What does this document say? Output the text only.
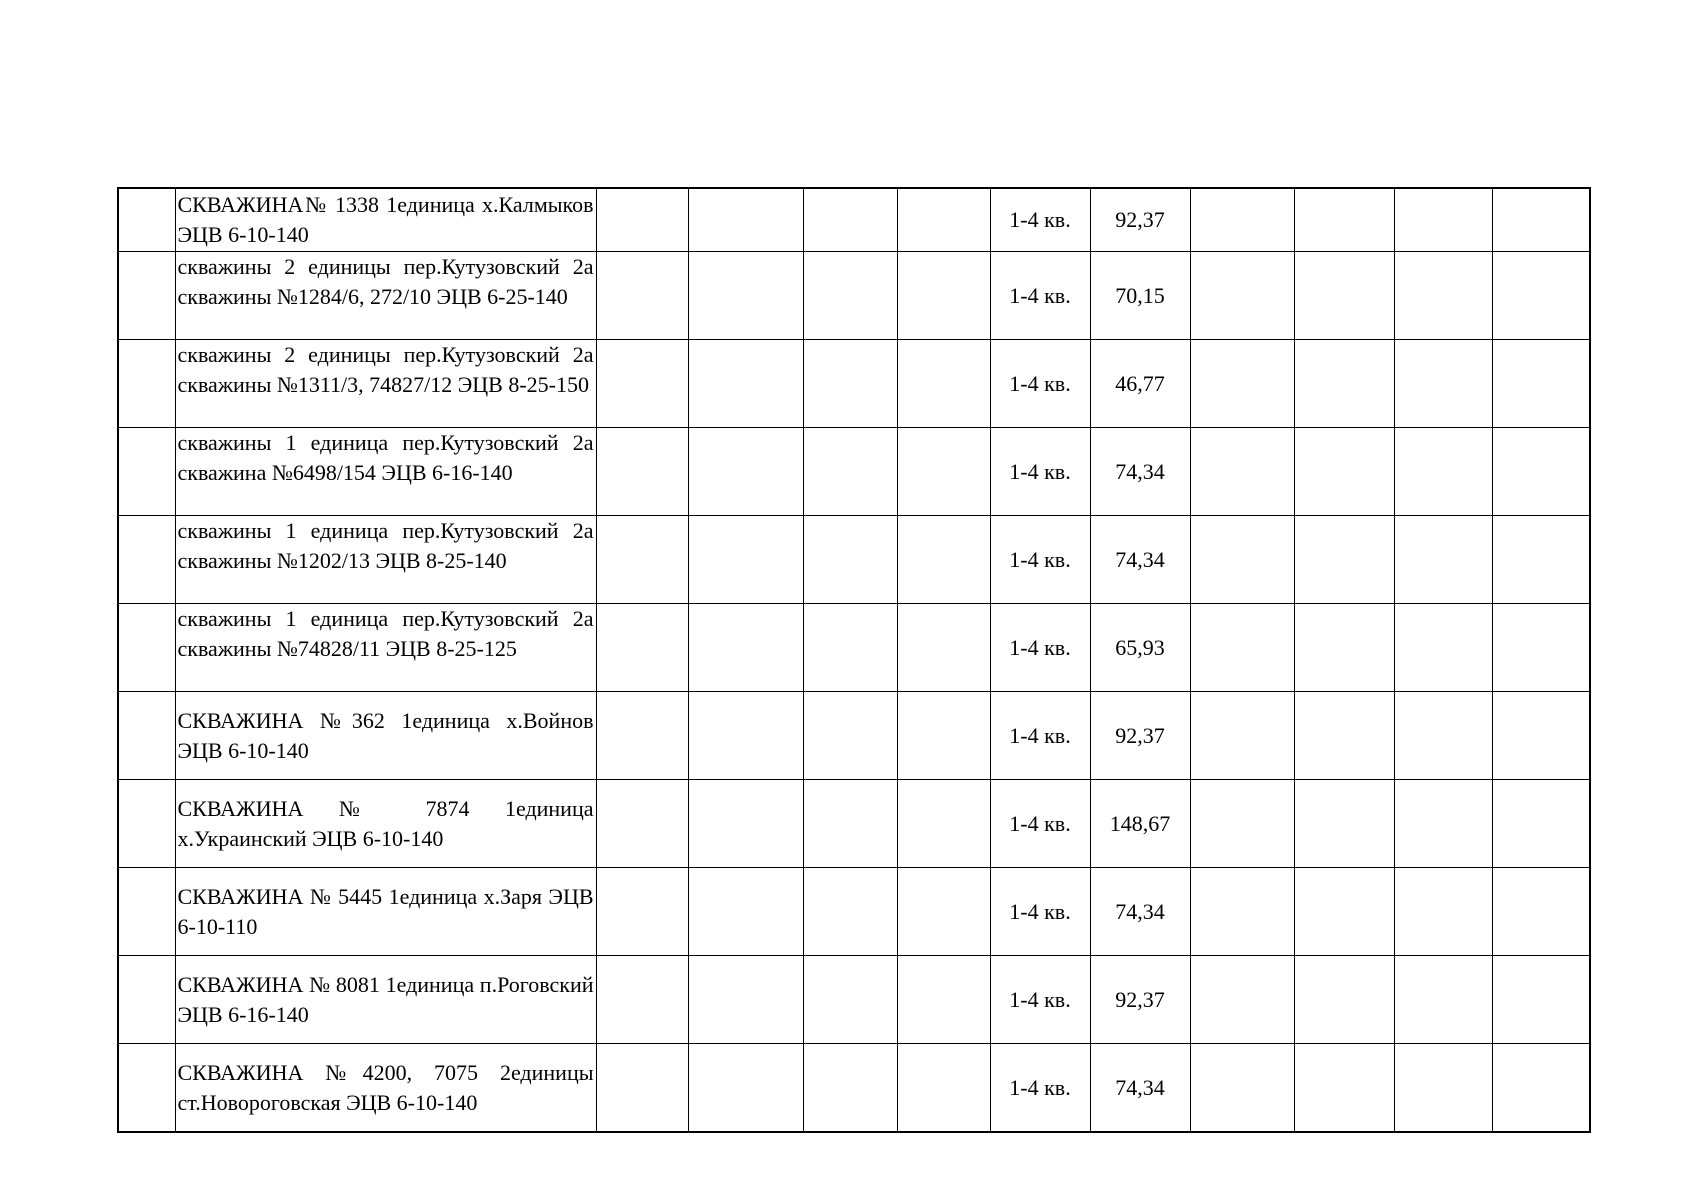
	СКВАЖИНА№ 1338 1единица х.Калмыков ЭЦВ 6-10-140					1-4 кв.	92,37				
	скважины 2 единицы пер.Кутузовский 2а скважины №1284/6, 272/10 ЭЦВ 6-25-140					1-4 кв.	70,15				
	скважины 2 единицы пер.Кутузовский 2а скважины №1311/3, 74827/12 ЭЦВ 8-25-150					1-4 кв.	46,77				
	скважины 1 единица пер.Кутузовский 2а скважина №6498/154 ЭЦВ 6-16-140					1-4 кв.	74,34				
	скважины 1 единица пер.Кутузовский 2а скважины №1202/13 ЭЦВ 8-25-140					1-4 кв.	74,34				
	скважины 1 единица пер.Кутузовский 2а скважины №74828/11 ЭЦВ 8-25-125					1-4 кв.	65,93				
	СКВАЖИНА №362 1единица х.Войнов ЭЦВ 6-10-140					1-4 кв.	92,37				
	СКВАЖИНА № 7874 1единица х.Украинский ЭЦВ 6-10-140					1-4 кв.	148,67				
	СКВАЖИНА № 5445 1единица х.Заря ЭЦВ 6-10-110					1-4 кв.	74,34				
	СКВАЖИНА № 8081 1единица п.Роговский ЭЦВ 6-16-140					1-4 кв.	92,37				
	СКВАЖИНА №4200, 7075 2единицы ст.Новороговская ЭЦВ 6-10-140					1-4 кв.	74,34				
